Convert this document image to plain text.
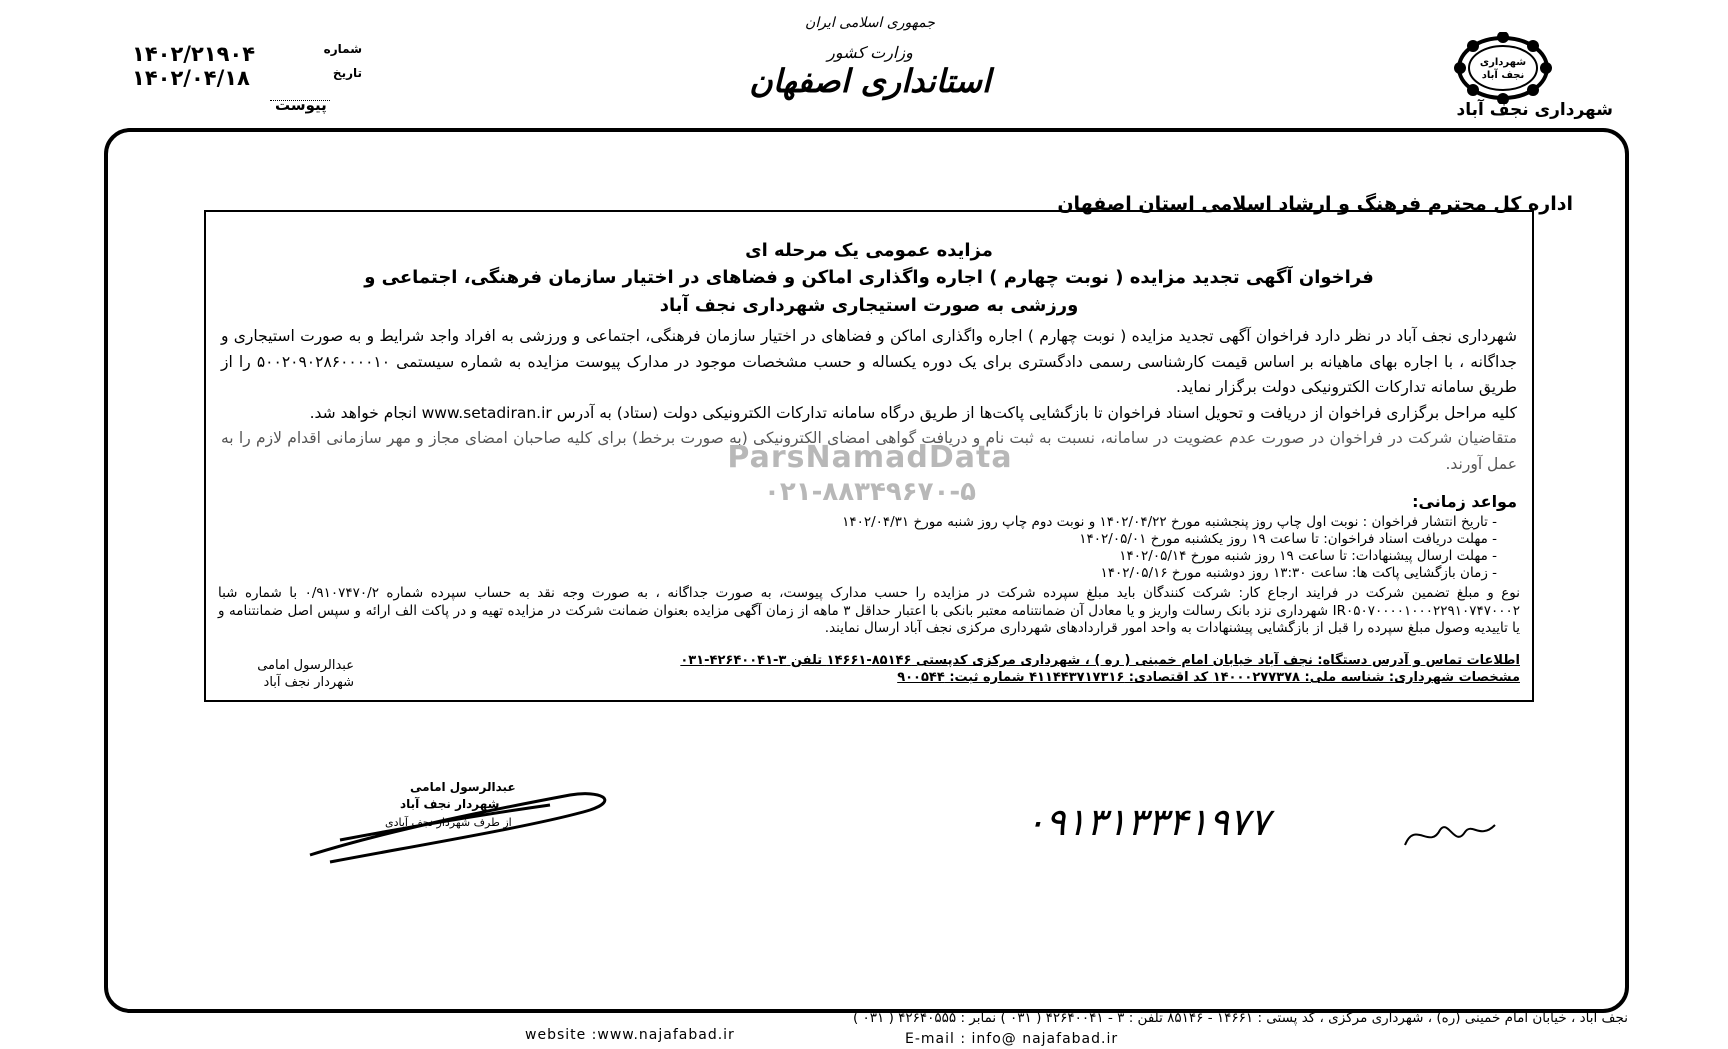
شهرداری
نجف آباد
شهرداری نجف آباد
جمهوری اسلامی ایران
وزارت کشور
استانداری اصفهان
۱۴۰۲/۲۱۹۰۴	شماره
۱۴۰۲/۰۴/۱۸	تاریخ
پیوست
اداره کل محترم فرهنگ و ارشاد اسلامی استان اصفهان
مزایده عمومی یک مرحله ای
فراخوان آگهی تجدید مزایده ( نوبت چهارم ) اجاره واگذاری اماکن و فضاهای در اختیار سازمان فرهنگی، اجتماعی و
ورزشی به صورت استیجاری شهرداری نجف آباد

شهرداری نجف آباد در نظر دارد فراخوان آگهی تجدید مزایده ( نوبت چهارم ) اجاره واگذاری اماکن و فضاهای در اختیار سازمان فرهنگی، اجتماعی و ورزشی به افراد واجد شرایط و به صورت استیجاری و جداگانه ، با اجاره بهای ماهیانه بر اساس قیمت کارشناسی رسمی دادگستری برای یک دوره یکساله و حسب مشخصات موجود در مدارک پیوست مزایده به شماره سیستمی ۵۰۰۲۰۹۰۲۸۶۰۰۰۰۱۰ را از طریق سامانه تدارکات الکترونیکی دولت برگزار نماید.

کلیه مراحل برگزاری فراخوان از دریافت و تحویل اسناد فراخوان تا بازگشایی پاکت‌ها از طریق درگاه سامانه تدارکات الکترونیکی دولت (ستاد) به آدرس www.setadiran.ir انجام خواهد شد.

متقاضیان شرکت در فراخوان در صورت عدم عضویت در سامانه، نسبت به ثبت نام و دریافت گواهی امضای الکترونیکی (به صورت برخط) برای کلیه صاحبان امضای مجاز و مهر سازمانی اقدام لازم را به عمل آورند.

مواعد زمانی:
- تاریخ انتشار فراخوان : نوبت اول چاپ روز پنجشنبه مورخ ۱۴۰۲/۰۴/۲۲ و نوبت دوم چاپ روز شنبه مورخ ۱۴۰۲/۰۴/۳۱
- مهلت دریافت اسناد فراخوان: تا ساعت ۱۹ روز یکشنبه مورخ ۱۴۰۲/۰۵/۰۱
- مهلت ارسال پیشنهادات: تا ساعت ۱۹ روز شنبه مورخ ۱۴۰۲/۰۵/۱۴
- زمان بازگشایی پاکت ها: ساعت ۱۳:۳۰ روز دوشنبه مورخ ۱۴۰۲/۰۵/۱۶

نوع و مبلغ تضمین شرکت در فرایند ارجاع کار: شرکت کنندگان باید مبلغ سپرده شرکت در مزایده را حسب مدارک پیوست، به صورت جداگانه ، به صورت وجه نقد به حساب سپرده شماره ۰/۹۱۰۷۴۷۰/۲ با شماره شبا IR۰۵۰۷۰۰۰۰۱۰۰۰۲۲۹۱۰۷۴۷۰۰۰۲ شهرداری نزد بانک رسالت واریز و یا معادل آن ضمانتنامه معتبر بانکی با اعتبار حداقل ۳ ماهه از زمان آگهی مزایده بعنوان ضمانت شرکت در مزایده تهیه و در پاکت الف ارائه و سپس اصل ضمانتنامه و یا تاییدیه وصول مبلغ سپرده را قبل از بازگشایی پیشنهادات به واحد امور قراردادهای شهرداری مرکزی نجف آباد ارسال نمایند.

اطلاعات تماس و آدرس دستگاه: نجف آباد خیابان امام خمینی ( ره ) ، شهرداری مرکزی کدپستی ۸۵۱۴۶-۱۴۶۶۱ تلفن ۳-۴۲۶۴۰۰۴۱-۰۳۱
مشخصات شهرداری: شناسه ملی: ۱۴۰۰۰۲۷۷۳۷۸ کد اقتصادی: ۴۱۱۴۴۳۷۱۷۳۱۶ شماره ثبت: ۹۰۰۵۴۴
عبدالرسول امامی
شهردار نجف آباد
ParsNamadData
۰۲۱-۸۸۳۴۹۶۷۰-۵
عبدالرسول امامی
شهردار نجف آباد
از طرف شهردار نجف آبادی	۰۹۱۳۱۳۳۴۱۹۷۷
نجف آباد ، خیابان امام خمینی (ره) ، شهرداری مرکزی ، کد پستی : ۱۴۶۶۱ - ۸۵۱۴۶ تلفن : ۳ - ۴۲۶۴۰۰۴۱ ( ۰۳۱ ) نمابر : ۴۲۶۴۰۵۵۵ ( ۰۳۱ )
website :www.najafabad.ir	E-mail : info@ najafabad.ir
